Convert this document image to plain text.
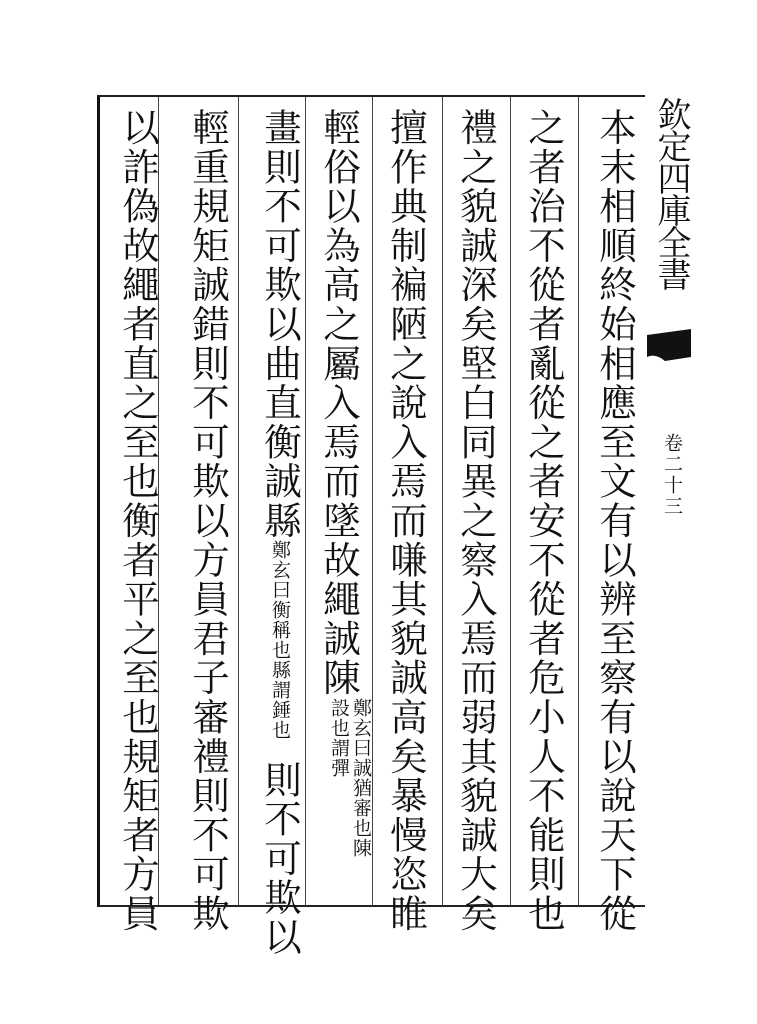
本末相順終始相應至文有以辨至察有以說天下從
之者治不從者亂從之者安不從者危小人不能則也
禮之貌誠深矣堅白同異之察入焉而弱其貌誠大矣
擅作典制褊陋之說入焉而嗛其貌誠高矣暴慢恣睢
輕俗以為高之屬入焉而墜故繩誠陳鄭玄曰誠猶審也陳設也謂彈
畫則不可欺以曲直衡誠縣鄭玄曰衡稱也縣謂錘也則不可欺以
輕重規矩誠錯則不可欺以方員君子審禮則不可欺
以詐偽故繩者直之至也衡者平之至也規矩者方員	欽定四庫全書
卷二十三
